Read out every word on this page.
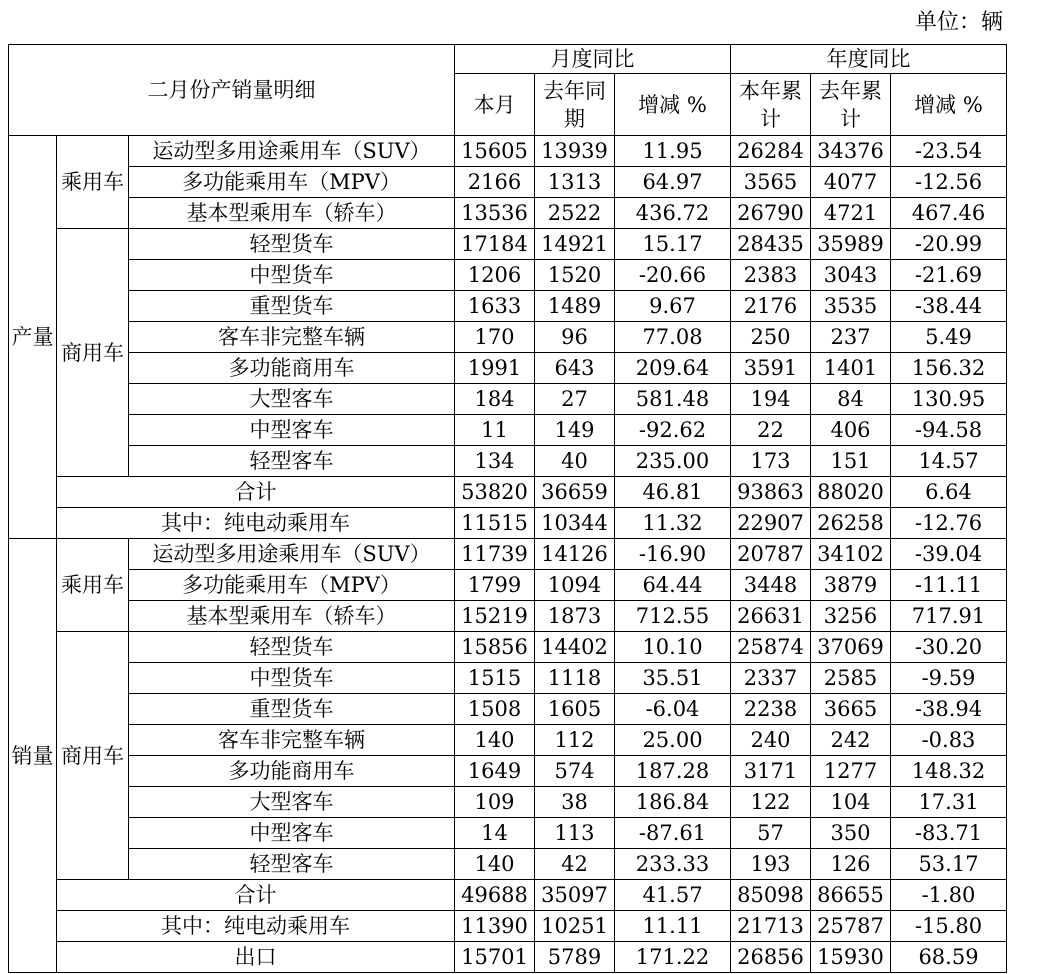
单位：辆
二月份产销量明细			月度同比			年度同比		
			本月	去年同期	增减 %	本年累计	去年累计	增减 %
产量	乘用车	运动型多用途乘用车（SUV）	15605	13939	11.95	26284	34376	-23.54
		多功能乘用车（MPV）	2166	1313	64.97	3565	4077	-12.56
		基本型乘用车（轿车）	13536	2522	436.72	26790	4721	467.46
	商用车	轻型货车	17184	14921	15.17	28435	35989	-20.99
		中型货车	1206	1520	-20.66	2383	3043	-21.69
		重型货车	1633	1489	9.67	2176	3535	-38.44
		客车非完整车辆	170	96	77.08	250	237	5.49
		多功能商用车	1991	643	209.64	3591	1401	156.32
		大型客车	184	27	581.48	194	84	130.95
		中型客车	11	149	-92.62	22	406	-94.58
		轻型客车	134	40	235.00	173	151	14.57
	合计		53820	36659	46.81	93863	88020	6.64
	其中：纯电动乘用车		11515	10344	11.32	22907	26258	-12.76
销量	乘用车	运动型多用途乘用车（SUV）	11739	14126	-16.90	20787	34102	-39.04
		多功能乘用车（MPV）	1799	1094	64.44	3448	3879	-11.11
		基本型乘用车（轿车）	15219	1873	712.55	26631	3256	717.91
	商用车	轻型货车	15856	14402	10.10	25874	37069	-30.20
		中型货车	1515	1118	35.51	2337	2585	-9.59
		重型货车	1508	1605	-6.04	2238	3665	-38.94
		客车非完整车辆	140	112	25.00	240	242	-0.83
		多功能商用车	1649	574	187.28	3171	1277	148.32
		大型客车	109	38	186.84	122	104	17.31
		中型客车	14	113	-87.61	57	350	-83.71
		轻型客车	140	42	233.33	193	126	53.17
	合计		49688	35097	41.57	85098	86655	-1.80
	其中：纯电动乘用车		11390	10251	11.11	21713	25787	-15.80
	出口		15701	5789	171.22	26856	15930	68.59
